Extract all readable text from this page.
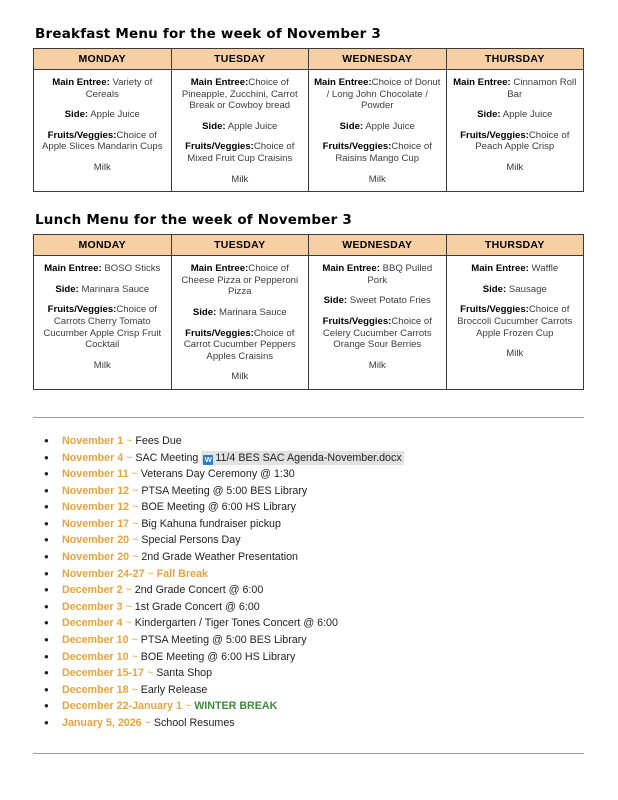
Breakfast Menu for the week of November 3
MONDAY	TUESDAY	WEDNESDAY	THURSDAY

Main Entree: Variety of Cereals
Side: Apple Juice
Fruits/Veggies:Choice of Apple Slices Mandarin Cups
Milk

Main Entree:Choice of Pineapple, Zucchini, Carrot Break or Cowboy bread
Side: Apple Juice
Fruits/Veggies:Choice of Mixed Fruit Cup Craisins
Milk

Main Entree:Choice of Donut / Long John Chocolate / Powder
Side: Apple Juice
Fruits/Veggies:Choice of Raisins Mango Cup
Milk

Main Entree: Cinnamon Roll Bar
Side: Apple Juice
Fruits/Veggies:Choice of Peach Apple Crisp
Milk
Lunch Menu for the week of November 3
MONDAY	TUESDAY	WEDNESDAY	THURSDAY

Main Entree: BOSO Sticks
Side: Marinara Sauce
Fruits/Veggies:Choice of Carrots Cherry Tomato Cucumber Apple Crisp Fruit Cocktail
Milk

Main Entree:Choice of Cheese Pizza or Pepperoni Pizza
Side: Marinara Sauce
Fruits/Veggies:Choice of Carrot Cucumber Peppers Apples Craisins
Milk

Main Entree: BBQ Pulled Pork
Side: Sweet Potato Fries
Fruits/Veggies:Choice of Celery Cucumber Carrots Orange Sour Berries
Milk

Main Entree: Waffle
Side: Sausage
Fruits/Veggies:Choice of Broccoli Cucumber Carrots Apple Frozen Cup
Milk
● November 1 ~ Fees Due
● November 4 ~ SAC Meeting W 11/4 BES SAC Agenda-November.docx
● November 11 ~ Veterans Day Ceremony @ 1:30
● November 12 ~ PTSA Meeting @ 5:00 BES Library
● November 12 ~ BOE Meeting @ 6:00 HS Library
● November 17 ~ Big Kahuna fundraiser pickup
● November 20 ~ Special Persons Day
● November 20 ~ 2nd Grade Weather Presentation
● November 24-27 ~ Fall Break
● December 2 ~ 2nd Grade Concert @ 6:00
● December 3 ~ 1st Grade Concert @ 6:00
● December 4 ~ Kindergarten / Tiger Tones Concert @ 6:00
● December 10 ~ PTSA Meeting @ 5:00 BES Library
● December 10 ~ BOE Meeting @ 6:00 HS Library
● December 15-17 ~ Santa Shop
● December 18 ~ Early Release
● December 22-January 1 ~ WINTER BREAK
● January 5, 2026 ~ School Resumes
